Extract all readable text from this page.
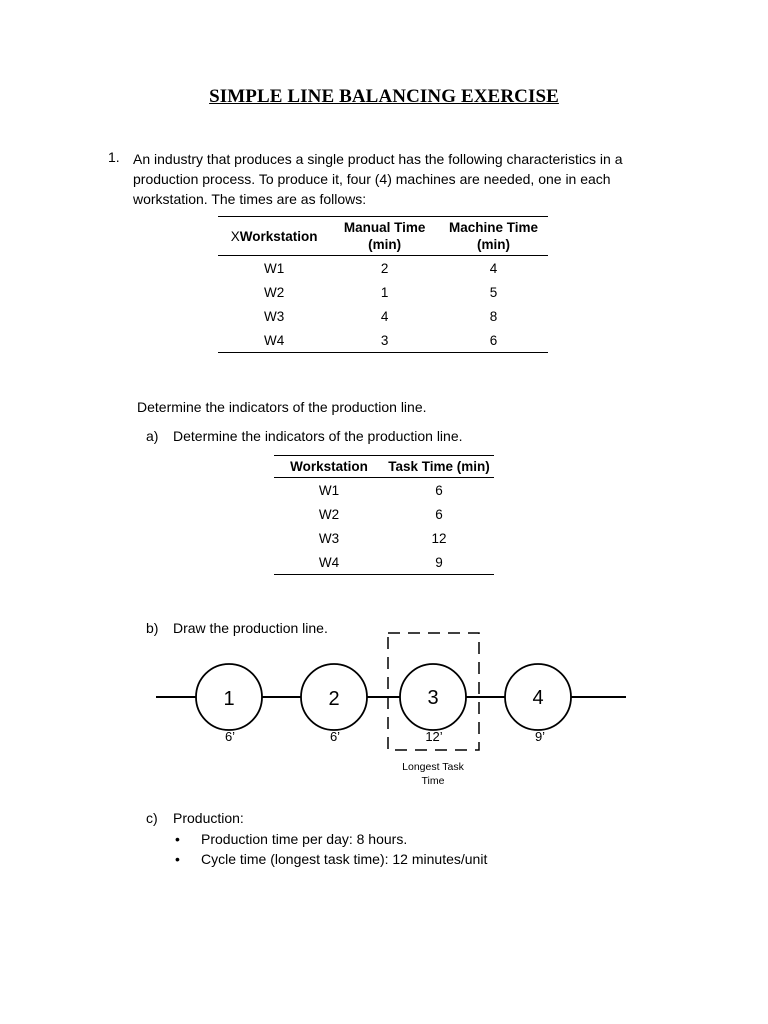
SIMPLE LINE BALANCING EXERCISE
1. An industry that produces a single product has the following characteristics in a production process. To produce it, four (4) machines are needed, one in each workstation. The times are as follows:
XWorkstation	Manual Time (min)	Machine Time (min)
W1	2	4
W2	1	5
W3	4	8
W4	3	6
Determine the indicators of the production line.
a) Determine the indicators of the production line.
Workstation	Task Time (min)
W1	6
W2	6
W3	12
W4	9
b) Draw the production line.
1
6’
2
6’
3
12’
4
9’
Longest Task
Time
c) Production:
• Production time per day: 8 hours.
• Cycle time (longest task time): 12 minutes/unit
